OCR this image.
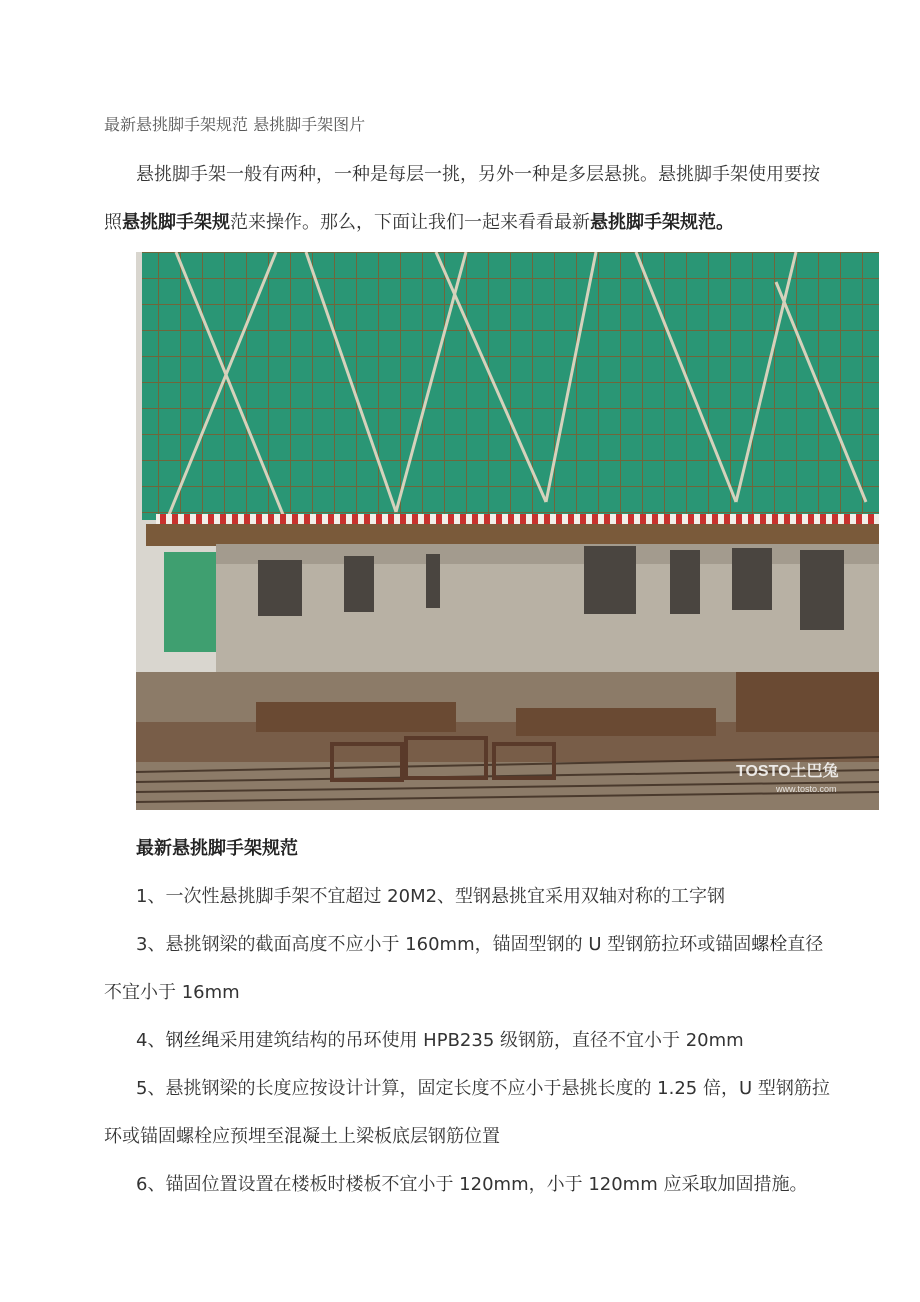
最新悬挑脚手架规范 悬挑脚手架图片
悬挑脚手架一般有两种，一种是每层一挑，另外一种是多层悬挑。悬挑脚手架使用要按
照悬挑脚手架规范来操作。那么，下面让我们一起来看看最新悬挑脚手架规范。
TOSTO土巴兔
www.tosto.com
最新悬挑脚手架规范
1、一次性悬挑脚手架不宜超过 20M2、型钢悬挑宜采用双轴对称的工字钢
3、悬挑钢梁的截面高度不应小于 160mm，锚固型钢的 U 型钢筋拉环或锚固螺栓直径
不宜小于 16mm
4、钢丝绳采用建筑结构的吊环使用 HPB235 级钢筋，直径不宜小于 20mm
5、悬挑钢梁的长度应按设计计算，固定长度不应小于悬挑长度的 1.25 倍，U 型钢筋拉
环或锚固螺栓应预埋至混凝土上梁板底层钢筋位置
6、锚固位置设置在楼板时楼板不宜小于 120mm，小于 120mm 应采取加固措施。
